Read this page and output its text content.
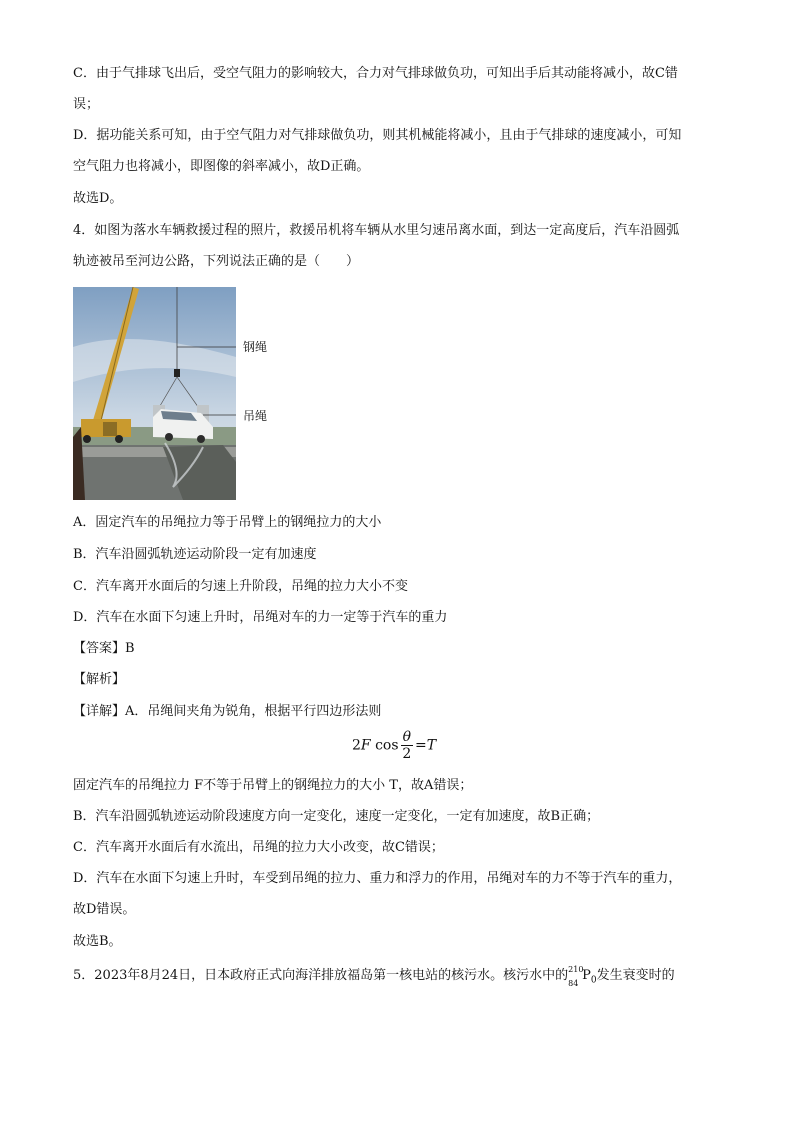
C．由于气排球飞出后，受空气阻力的影响较大，合力对气排球做负功，可知出手后其动能将减小，故C错
误；
D．据功能关系可知，由于空气阻力对气排球做负功，则其机械能将减小，且由于气排球的速度减小，可知
空气阻力也将减小，即图像的斜率减小，故D正确。
故选D。
4．如图为落水车辆救援过程的照片，救援吊机将车辆从水里匀速吊离水面，到达一定高度后，汽车沿圆弧
轨迹被吊至河边公路，下列说法正确的是（　　）
钢绳
吊绳
A．固定汽车的吊绳拉力等于吊臂上的钢绳拉力的大小
B．汽车沿圆弧轨迹运动阶段一定有加速度
C．汽车离开水面后的匀速上升阶段，吊绳的拉力大小不变
D．汽车在水面下匀速上升时，吊绳对车的力一定等于汽车的重力
【答案】B
【解析】
【详解】A．吊绳间夹角为锐角，根据平行四边形法则
2F $\cos \frac{\theta}{2} =T$
固定汽车的吊绳拉力 F不等于吊臂上的钢绳拉力的大小 T，故A错误；
B．汽车沿圆弧轨迹运动阶段速度方向一定变化，速度一定变化，一定有加速度，故B正确；
C．汽车离开水面后有水流出，吊绳的拉力大小改变，故C错误；
D．汽车在水面下匀速上升时，车受到吊绳的拉力、重力和浮力的作用，吊绳对车的力不等于汽车的重力，
故D错误。
故选B。
5．2023年8月24日，日本政府正式向海洋排放福岛第一核电站的核污水。核污水中的 210
84
$P_0$发生衰变时的
